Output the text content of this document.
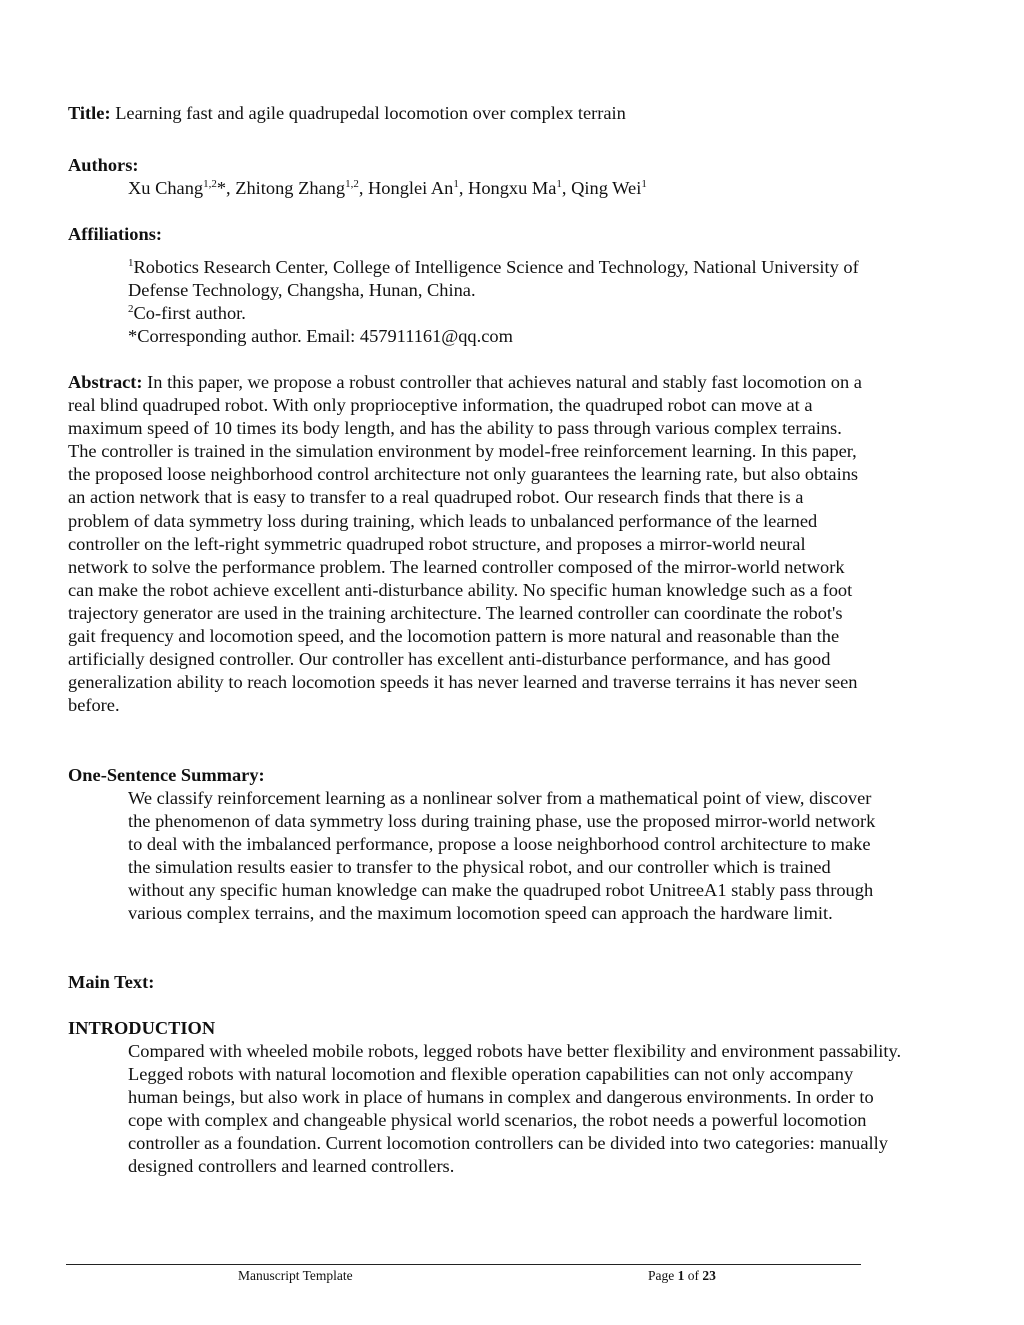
Title: Learning fast and agile quadrupedal locomotion over complex terrain
Authors:
Xu Chang$^{1,2}$*, Zhitong Zhang$^{1,2}$, Honglei An$^1$, Hongxu Ma$^1$, Qing Wei$^1$
Affiliations:
$^1$Robotics Research Center, College of Intelligence Science and Technology, National University of Defense Technology, Changsha, Hunan, China.
$^2$Co-first author.
*Corresponding author. Email: 457911161@qq.com

Abstract: In this paper, we propose a robust controller that achieves natural and stably fast locomotion on a real blind quadruped robot. With only proprioceptive information, the quadruped robot can move at a maximum speed of 10 times its body length, and has the ability to pass through various complex terrains. The controller is trained in the simulation environment by model-free reinforcement learning. In this paper, the proposed loose neighborhood control architecture not only guarantees the learning rate, but also obtains an action network that is easy to transfer to a real quadruped robot. Our research finds that there is a problem of data symmetry loss during training, which leads to unbalanced performance of the learned controller on the left-right symmetric quadruped robot structure, and proposes a mirror-world neural network to solve the performance problem. The learned controller composed of the mirror-world network can make the robot achieve excellent anti-disturbance ability. No specific human knowledge such as a foot trajectory generator are used in the training architecture. The learned controller can coordinate the robot's gait frequency and locomotion speed, and the locomotion pattern is more natural and reasonable than the artificially designed controller. Our controller has excellent anti-disturbance performance, and has good generalization ability to reach locomotion speeds it has never learned and traverse terrains it has never seen before.

One-Sentence Summary:

We classify reinforcement learning as a nonlinear solver from a mathematical point of view, discover the phenomenon of data symmetry loss during training phase, use the proposed mirror-world network to deal with the imbalanced performance, propose a loose neighborhood control architecture to make the simulation results easier to transfer to the physical robot, and our controller which is trained without any specific human knowledge can make the quadruped robot UnitreeA1 stably pass through various complex terrains, and the maximum locomotion speed can approach the hardware limit.

Main Text:
INTRODUCTION

Compared with wheeled mobile robots, legged robots have better flexibility and environment passability. Legged robots with natural locomotion and flexible operation capabilities can not only accompany human beings, but also work in place of humans in complex and dangerous environments. In order to cope with complex and changeable physical world scenarios, the robot needs a powerful locomotion controller as a foundation. Current locomotion controllers can be divided into two categories: manually designed controllers and learned controllers.

Manuscript Template	Page 1 of 23
